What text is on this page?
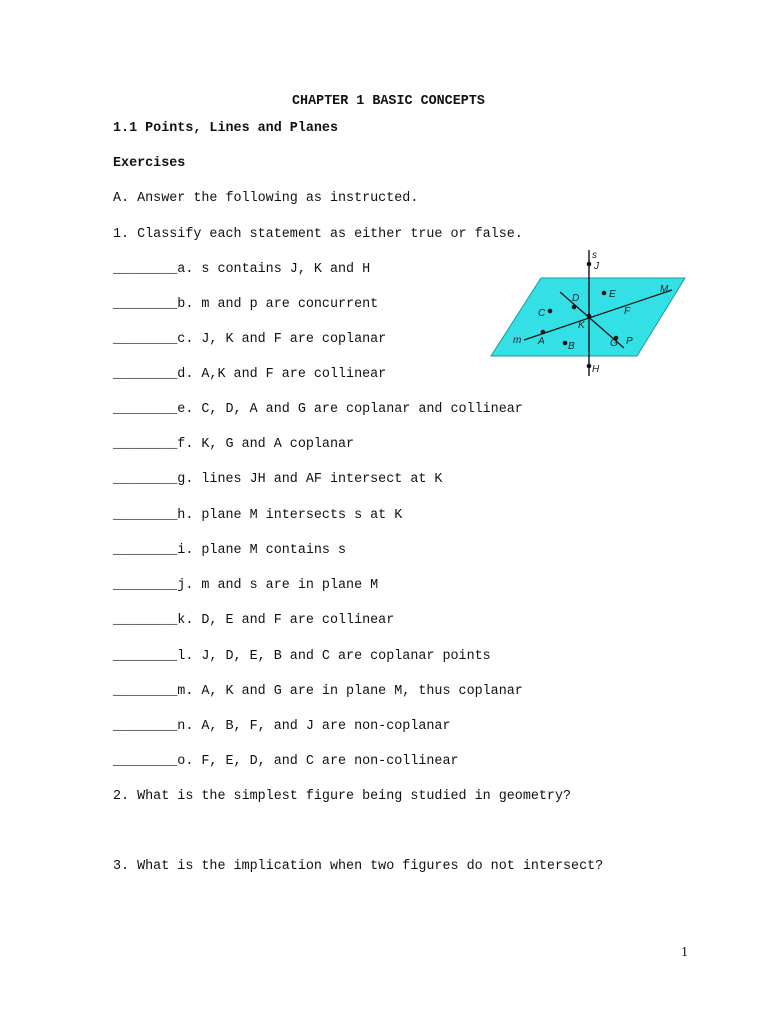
CHAPTER 1 BASIC CONCEPTS
1.1 Points, Lines and Planes
Exercises
A. Answer the following as instructed.
1. Classify each statement as either true or false.
________a. s contains J, K and H
________b. m and p are concurrent
________c. J, K and F are coplanar
________d. A,K and F are collinear
________e. C, D, A and G are coplanar and collinear
________f. K, G and A coplanar
________g. lines JH and AF intersect at K
________h. plane M intersects s at K
________i. plane M contains s
________j. m and s are in plane M
________k. D, E and F are collinear
________l. J, D, E, B and C are coplanar points
________m. A, K and G are in plane M, thus coplanar
________n. A, B, F, and J are non-coplanar
________o. F, E, D, and C are non-collinear
2. What is the simplest figure being studied in geometry?
3. What is the implication when two figures do not intersect?
1
s
J
M
D	E
F
C
K
m A B	G P
H
